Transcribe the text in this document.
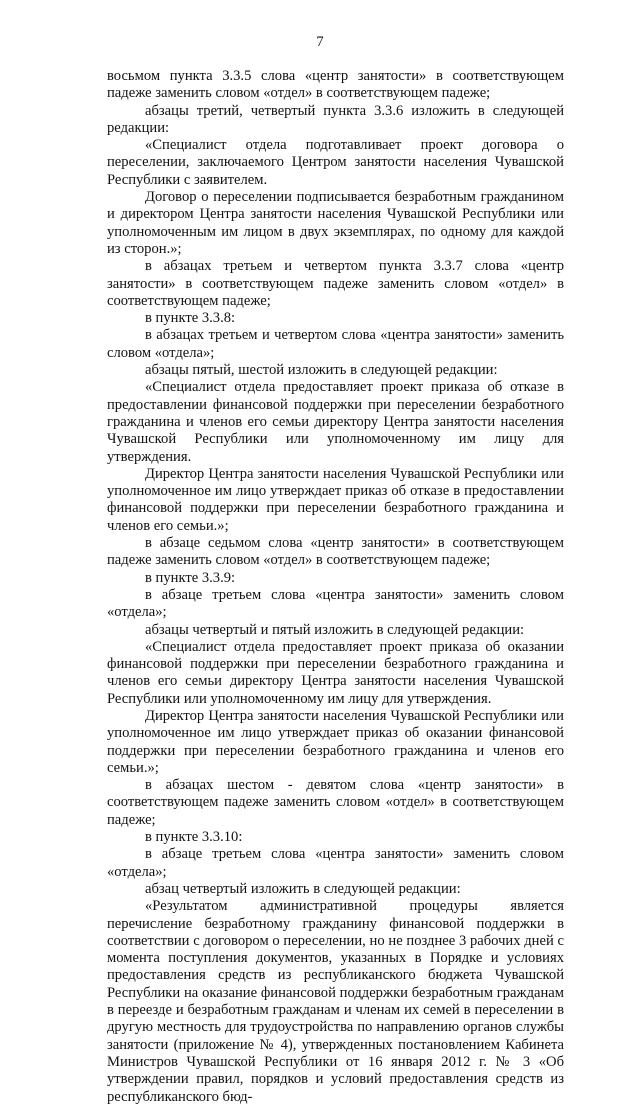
7

восьмом пункта 3.3.5 слова «центр занятости» в соответствующем падеже заменить словом «отдел» в соответствующем падеже;

абзацы третий, четвертый пункта 3.3.6 изложить в следующей редакции:

«Специалист отдела подготавливает проект договора о переселении, заключаемого Центром занятости населения Чувашской Республики с заявителем.

Договор о переселении подписывается безработным гражданином и директором Центра занятости населения Чувашской Республики или уполномоченным им лицом в двух экземплярах, по одному для каждой из сторон.»;

в абзацах третьем и четвертом пункта 3.3.7 слова «центр занятости» в соответствующем падеже заменить словом «отдел» в соответствующем падеже;

в пункте 3.3.8:

в абзацах третьем и четвертом слова «центра занятости» заменить словом «отдела»;

абзацы пятый, шестой изложить в следующей редакции:

«Специалист отдела предоставляет проект приказа об отказе в предоставлении финансовой поддержки при переселении безработного гражданина и членов его семьи директору Центра занятости населения Чувашской Республики или уполномоченному им лицу для утверждения.

Директор Центра занятости населения Чувашской Республики или уполномоченное им лицо утверждает приказ об отказе в предоставлении финансовой поддержки при переселении безработного гражданина и членов его семьи.»;

в абзаце седьмом слова «центр занятости» в соответствующем падеже заменить словом «отдел» в соответствующем падеже;

в пункте 3.3.9:

в абзаце третьем слова «центра занятости» заменить словом «отдела»;

абзацы четвертый и пятый изложить в следующей редакции:

«Специалист отдела предоставляет проект приказа об оказании финансовой поддержки при переселении безработного гражданина и членов его семьи директору Центра занятости населения Чувашской Республики или уполномоченному им лицу для утверждения.

Директор Центра занятости населения Чувашской Республики или уполномоченное им лицо утверждает приказ об оказании финансовой поддержки при переселении безработного гражданина и членов его семьи.»;

в абзацах шестом - девятом слова «центр занятости» в соответствующем падеже заменить словом «отдел» в соответствующем падеже;

в пункте 3.3.10:

в абзаце третьем слова «центра занятости» заменить словом «отдела»;

абзац четвертый изложить в следующей редакции:

«Результатом административной процедуры является перечисление безработному гражданину финансовой поддержки в соответствии с договором о переселении, но не позднее 3 рабочих дней с момента поступления документов, указанных в Порядке и условиях предоставления средств из республиканского бюджета Чувашской Республики на оказание финансовой поддержки безработным гражданам в переезде и безработным гражданам и членам их семей в переселении в другую местность для трудоустройства по направлению органов службы занятости (приложение № 4), утвержденных постановлением Кабинета Министров Чувашской Республики от 16 января 2012 г. № 3 «Об утверждении правил, порядков и условий предоставления средств из республиканского бюд-
